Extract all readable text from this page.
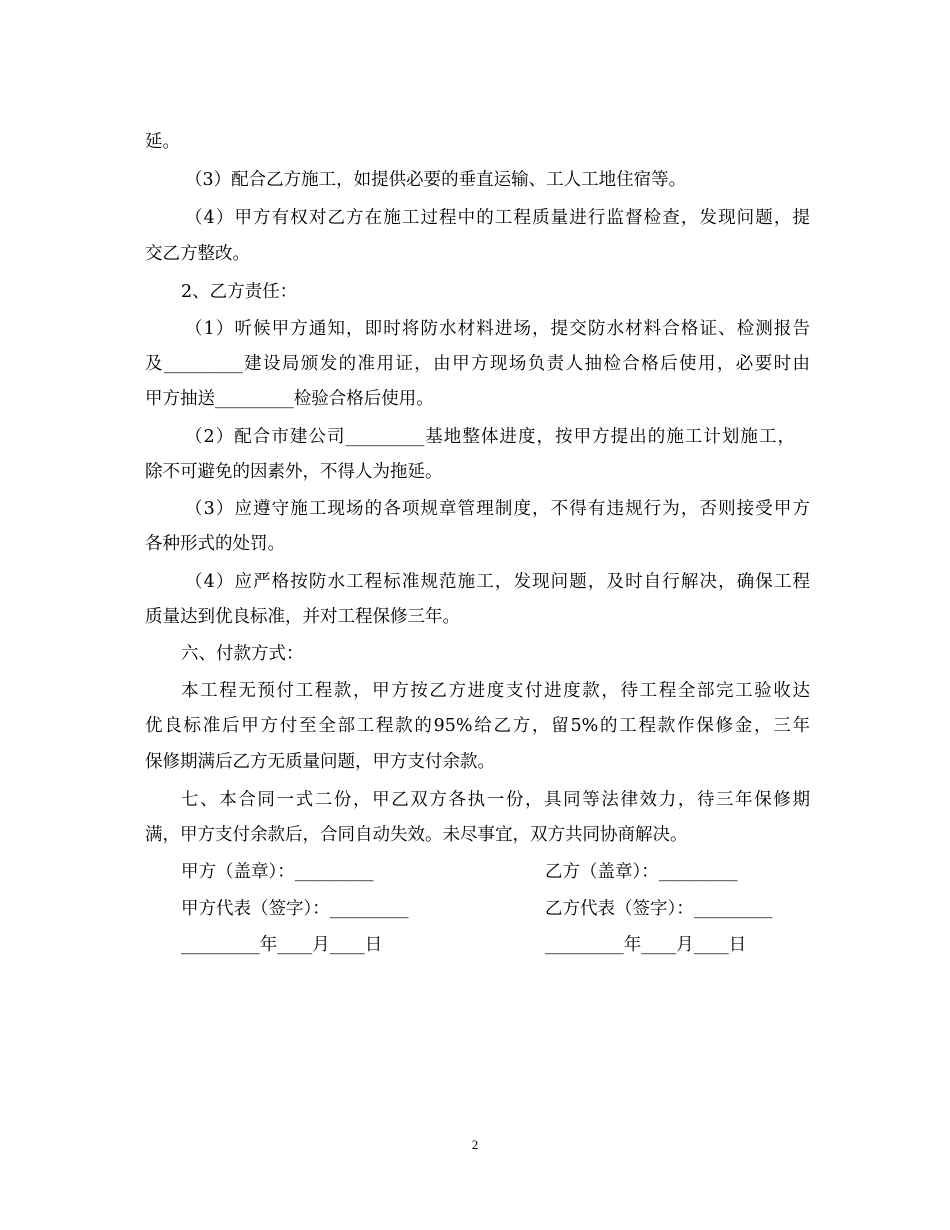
延。
（3）配合乙方施工，如提供必要的垂直运输、工人工地住宿等。
（4）甲方有权对乙方在施工过程中的工程质量进行监督检查，发现问题，提
交乙方整改。
2、乙方责任：
（1）听候甲方通知，即时将防水材料进场，提交防水材料合格证、检测报告
及_________建设局颁发的准用证，由甲方现场负责人抽检合格后使用，必要时由
甲方抽送_________检验合格后使用。
（2）配合市建公司_________基地整体进度，按甲方提出的施工计划施工，
除不可避免的因素外，不得人为拖延。
（3）应遵守施工现场的各项规章管理制度，不得有违规行为，否则接受甲方
各种形式的处罚。
（4）应严格按防水工程标准规范施工，发现问题，及时自行解决，确保工程
质量达到优良标准，并对工程保修三年。
六、付款方式：
本工程无预付工程款，甲方按乙方进度支付进度款，待工程全部完工验收达
优良标准后甲方付至全部工程款的95%给乙方，留5%的工程款作保修金，三年
保修期满后乙方无质量问题，甲方支付余款。
七、本合同一式二份，甲乙双方各执一份，具同等法律效力，待三年保修期
满，甲方支付余款后，合同自动失效。未尽事宜，双方共同协商解决。
甲方（盖章）：_________	乙方（盖章）：_________
甲方代表（签字）：_________	乙方代表（签字）：_________
_________年____月____日	_________年____月____日
2
